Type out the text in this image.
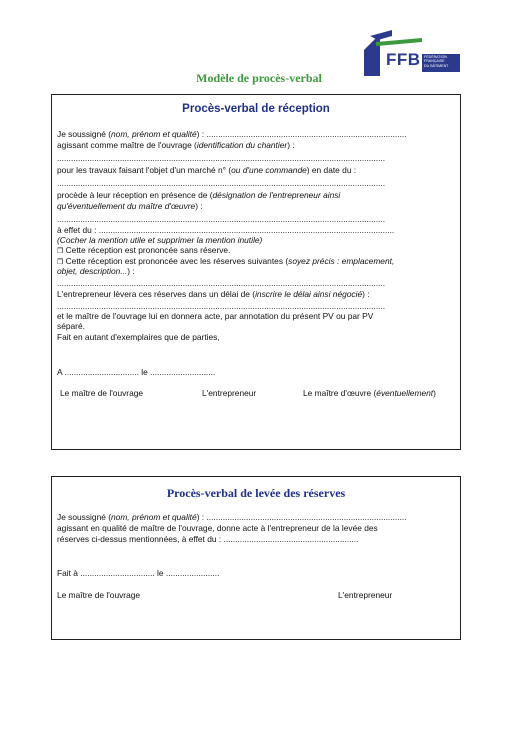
FFB FÉDÉRATION
FRANÇAISE
DU BÂTIMENT
Modèle de procès-verbal
Procès-verbal de réception
Je soussigné (nom, prénom et qualité) : ......................................................................................
agissant comme maître de l'ouvrage (identification du chantier) :
.............................................................................................................................................
pour les travaux faisant l'objet d'un marché n° (ou d'une commande) en date du :
.............................................................................................................................................
procède à leur réception en présence de (désignation de l'entrepreneur ainsi
qu'éventuellement du maître d'œuvre) :
.............................................................................................................................................
à effet du : ...............................................................................................................................
(Cocher la mention utile et supprimer la mention inutile)
❒ Cette réception est prononcée sans réserve.
❒ Cette réception est prononcée avec les réserves suivantes (soyez précis : emplacement,
objet, description...) :
.............................................................................................................................................
L'entrepreneur lèvera ces réserves dans un délai de (inscrire le délai ainsi négocié) :
.............................................................................................................................................
et le maître de l'ouvrage lui en donnera acte, par annotation du présent PV ou par PV
séparé.
Fait en autant d'exemplaires que de parties,
A ................................ le ............................
Le maître de l'ouvrage	L'entrepreneur	Le maître d'œuvre (éventuellement)
Procès-verbal de levée des réserves
Je soussigné (nom, prénom et qualité) : ......................................................................................
agissant en qualité de maître de l'ouvrage, donne acte à l'entrepreneur de la levée des
réserves ci-dessus mentionnées, à effet du : ..........................................................
Fait à ................................ le .......................
Le maître de l'ouvrage	L'entrepreneur
